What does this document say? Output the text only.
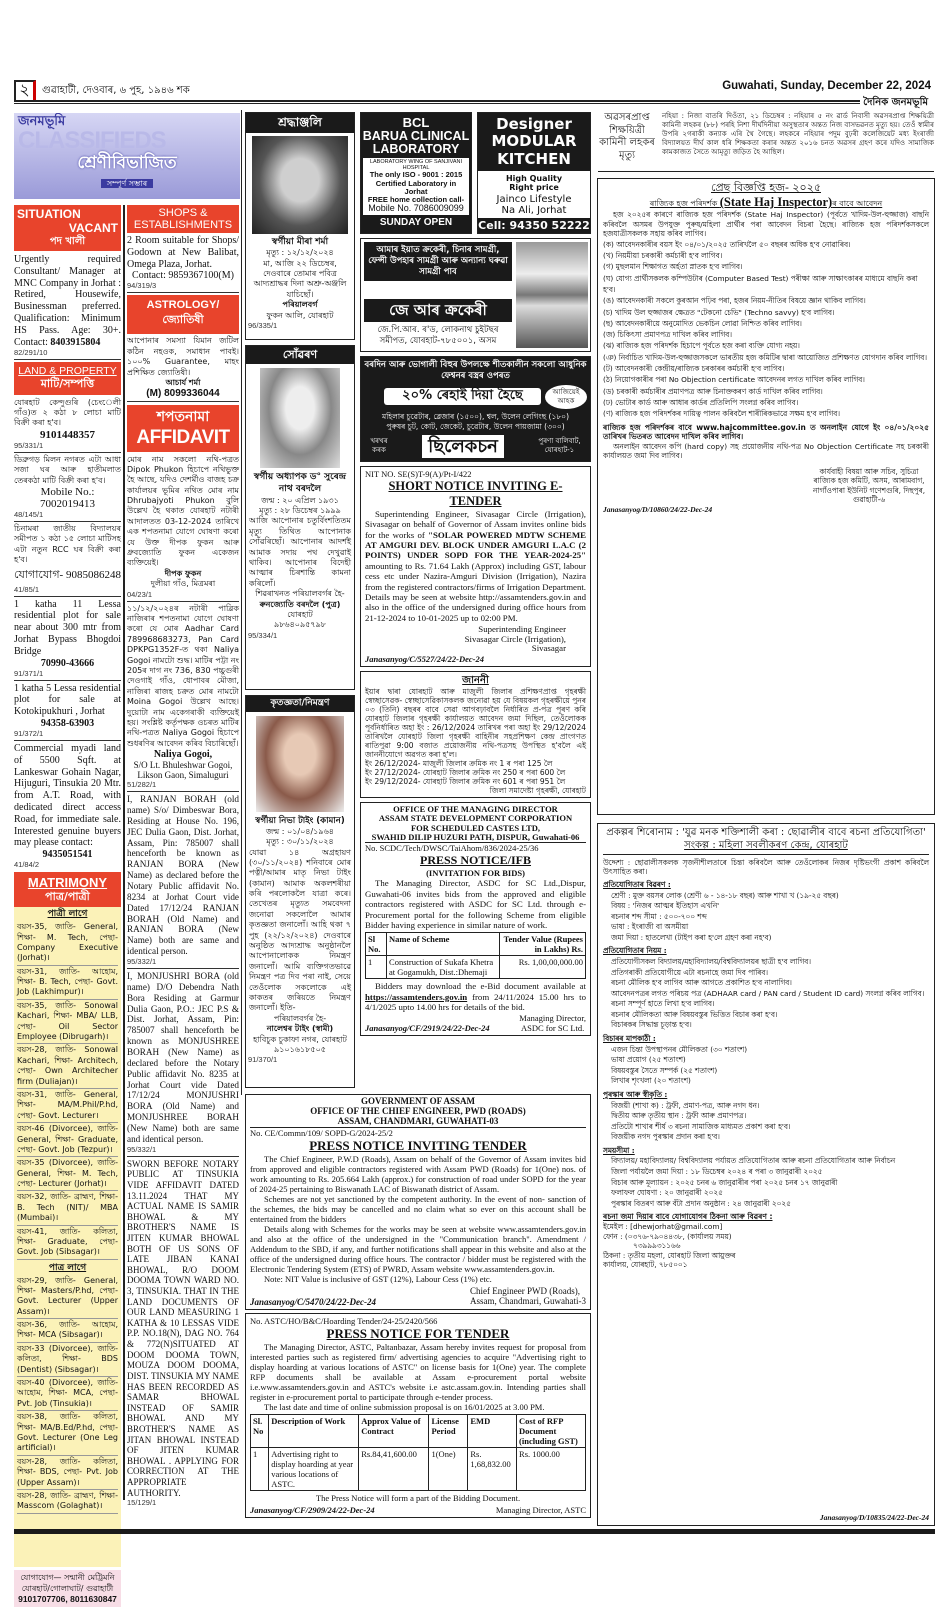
২	গুৱাহাটী, দেওবাৰ, ৬ পুহ, ১৯৪৬ শক	Guwahati, Sunday, December 22, 2024
দৈনিক জনমভূমি
জনমভূমি
CLASSIFIEDS
শ্ৰেণীবিভাজিত
সম্পূৰ্ণ সম্ভাৰ
SITUATION
VACANT
পদ খালী
Urgently required Consultant/ Manager at MNC Company in Jorhat : Retired, Housewife, Businessman preferred. Qualification: Minimum HS Pass. Age: 30+. Contact: 8403915804
82/291/10
LAND & PROPERTY
মাটি/সম্পত্তি
যোৰহাট কেন্দুগুৰি (চেংেলী গাঁও)ত ২ কঠা ৮ লোচা মাটি বিক্ৰী কৰা হ'ব।
9101448357
95/331/1
ডিব্ৰুগড় মিলন নগৰত এটা আধা সজা ঘৰ আৰু হাতীমলাত তেৰকঠা মাটি বিক্ৰী কৰা হ'ব।
Mobile No.: 7002019413
48/145/1
চিনামৰা জাতীয় বিদ্যালয়ৰ সমীপত ১ কঠা ১৫ লোচা মাটিসহ এটা নতুন RCC ঘৰ বিক্ৰী কৰা হ'ব।
যোগাযোগ- 9085086248
41/85/1
1 katha 11 Lessa residential plot for sale near about 300 mtr from Jorhat Bypass Bhogdoi Bridge
70990-43666
91/371/1
1 katha 5 Lessa residential plot for sale at Kotokipukhuri , Jorhat
94358-63903
91/372/1
Commercial myadi land of 5500 Sqft. at Lankeswar Gohain Nagar, Hijuguri, Tinsukia 20 Mtr. from A.T. Road, with dedicated direct access Road, for immediate sale. Interested genuine buyers may please contact:
9435051541
41/84/2
MATRIMONY
পাত্ৰ/পাত্ৰী
পাত্ৰী লাগে
বয়স-35, জাতি- General, শিক্ষা- M. Tech, পেছা- Company Executive (Jorhat)।
বয়স-31, জাতি- আহোম, শিক্ষা- B. Tech, পেছা- Govt. Job (Lakhimpur)।
বয়স-35, জাতি- Sonowal Kachari, শিক্ষা- MBA/ LLB, পেছা- Oil Sector Employee (Dibrugarh)।
বয়স-28, জাতি- Sonowal Kachari, শিক্ষা- Architech, পেছা- Own Architecher firm (Duliajan)।
বয়স-31, জাতি- General, শিক্ষা- MA/M.Phil/P.hd, পেছা- Govt. Lecturer।
বয়স-46 (Divorcee), জাতি- General, শিক্ষা- Graduate, পেছা- Govt. Job (Tezpur)।
বয়স-35 (Divorcee), জাতি- General, শিক্ষা- M. Tech, পেছা- Lecturer (Jorhat)।
বয়স-32, জাতি- ব্ৰাহ্মণ, শিক্ষা- B. Tech (NIT)/ MBA (Mumbai)।
বয়স-41, জাতি- কলিতা, শিক্ষা- Graduate, পেছা- Govt. Job (Sibsagar)।
পাত্ৰ লাগে
বয়স-29, জাতি- General, শিক্ষা- Masters/P.hd, পেছা- Govt. Lecturer (Upper Assam)।
বয়স-36, জাতি- আহোম, শিক্ষা- MCA (Sibsagar)।
বয়স-33 (Divorcee), জাতি- কলিতা, শিক্ষা- BDS (Dentist) (Sibsagar)।
বয়স-40 (Divorcee), জাতি- আহোম, শিক্ষা- MCA, পেছা- Pvt. Job (Tinsukia)।
বয়স-38, জাতি- কলিতা, শিক্ষা- MA/B.Ed/P.hd, পেছা- Govt. Lecturer (One Leg artificial)।
বয়স-28, জাতি- কলিতা, শিক্ষা- BDS, পেছা- Pvt. Job (Upper Assam)।
বয়স-28, জাতি- ব্ৰাহ্মণ, শিক্ষা- Masscom (Golaghat)।
যোগাযোগ— সন্মানী মেট্ৰিমনি
যোৰহাট/গোলাঘাট/ গুৱাহাটী
9101707706, 8011630847
SHOPS & ESTABLISHMENTS
2 Room suitable for Shops/ Godown at New Balibat, Omega Plaza, Jorhat.
Contact: 9859367100(M)
94/319/3
ASTROLOGY/ জ্যোতিষী
আপোনাৰ সমস্যা যিমান জটিল কঠিন নহওক, সমাধান পাবই। ১০০% Guarantee, মাহং প্ৰশিক্ষিত জ্যোতিষী।
আচাৰ্য শৰ্মা
(M) 8099336044
শপতনামা
AFFIDAVIT
মোৰ নাম সকলো নথি-পত্ৰত Dipok Phukon হিচাপে নথিভুক্ত হৈ আছে, যদিও দেশৰ্মীও বাজহ চক্ৰ কাৰ্যালয়ৰ ভূমিৰ নথিত মোৰ নাম Dhrubajyoti Phukon বুলি উল্লেখ হৈ থকাত যোৰহাট নটাৰী আদালতত 03-12-2024 তাৰিখে এক শপতনামা যোগে ঘোষণা কৰো যে উক্ত দীপক ফুকন আৰু ধ্ৰুবজ্যোতি ফুকন একেজন ব্যক্তিয়েই।
দীপক ফুকন
দুলীয়া গাঁও, মিত্ৰমৰা
04/23/1
১১/১২/২০২৪ৰ নটাৰী পাব্লিক নাজিৰাৰ শপতনামা যোগে ঘোষণা কৰো যে মোৰ Aadhar Card 789968683273, Pan Card DPKPG1352F-ত থকা Naliya Gogoi নামটো শুদ্ধ। মাটিৰ পট্টা নং 205ৰ দাগ নং 736, 830 পচ্চুগুৰী দেওগাই গাঁও, ধোপাবৰ মৌজা, নাজিৰা ৰাজহ চক্ৰত মোৰ নামটো Moina Gogoi উল্লেখ আছে। দুয়োটা নাম একেগৰাকী ব্যক্তিয়েই হয়। সংশ্লিষ্ট কৰ্তৃপক্ষক ওচৰত মাটিৰ নথি-পত্ৰত Naliya Gogoi হিচাপে শুধৰণিৰ আবেদন কৰিব বিচাৰিছোঁ।
Naliya Gogoi,
S/O Lt. Bhuleshwar Gogoi, Likson Gaon, Simaluguri
51/282/1
I, RANJAN BORAH (old name) S/o/ Dimbeswar Bora, Residing at House No. 196, JEC Dulia Gaon, Dist. Jorhat, Assam, Pin: 785007 shall henceforth be known as RANJAN BORA (New Name) as declared before the Notary Public affidavit No. 8234 at Jorhat Court vide Dated 17/12/24 RANJAN BORAH (Old Name) and RANJAN BORA (New Name) both are same and identical person.
95/332/1
I, MONJUSHRI BORA (old name) D/O Debendra Nath Bora Residing at Garmur Dulia Gaon, P.O.: JEC P.S & Dist. Jorhat, Assam, Pin: 785007 shall henceforth be known as MONJUSHREE BORAH (New Name) as declared before the Notary Public affidavit No. 8235 at Jorhat Court vide Dated 17/12/24 MONJUSHRI BORA (Old Name) and MONJUSHREE BORAH (New Name) both are same and identical person.
95/332/1
SWORN BEFORE NOTARY PUBLIC AT TINSUKIA VIDE AFFIDAVIT DATED 13.11.2024 THAT MY ACTUAL NAME IS SAMIR BHOWAL & MY BROTHER'S NAME IS JITEN KUMAR BHOWAL BOTH OF US SONS OF LATE JIBAN KANAI BHOWAL, R/O DOOM DOOMA TOWN WARD NO. 3, TINSUKIA. THAT IN THE LAND DOCUMENTS OF OUR LAND MEASURING 1 KATHA & 10 LESSAS VIDE P.P. NO.18(N), DAG NO. 764 & 772(N)SITUATED AT DOOM DOOMA TOWN, MOUZA DOOM DOOMA, DIST. TINSUKIA MY NAME HAS BEEN RECORDED AS SAMAR BHOWAL INSTEAD OF SAMIR BHOWAL AND MY BROTHER'S NAME AS JITAN BHOWAL INSTEAD OF JITEN KUMAR BHOWAL . APPLYING FOR CORRECTION AT THE APPROPRIATE AUTHORITY.
15/129/1
শ্ৰদ্ধাঞ্জলি
স্বৰ্গীয়া মীৰা শৰ্মা
মৃত্যু : ১২/১২/২০২৪
মা, আজি ২২ ডিচেম্বৰ, দেওবাৰে তোমাৰ পবিত্ৰ আদ্যশ্ৰাদ্ধৰ দিনা অশ্ৰু-অঞ্জলি যাচিছোঁ।
পৰিয়ালবৰ্গ
ফুকন আলি, যোৰহাট
96/335/1
সোঁৱৰণ
স্বৰ্গীয় অধ্যাপক ড° সুৰেন্দ্ৰ নাথ বৰদলৈ
জন্ম : ২০ এপ্ৰিল ১৯৩১
মৃত্যু : ২৮ ডিচেম্বৰ ১৯৯৯
আজি আপোনাৰ চতুৰ্বিংশতিতম মৃত্যু তিথিত আপোনাক সোঁৱৰিছোঁ। আপোনাৰ আদৰ্শই আমাক সদায় পথ দেখুৱাই থাকিব। আপোনাৰ বিদেহী আত্মাৰ চিৰশান্তি কামনা কৰিলোঁ।
শিৱৰাখনত পৰিয়ালবৰ্গৰ হৈ-
ৰুনজ্যোতি বৰদলৈ (পুত্ৰ)
যোৰহাট
৯৮৬৪০৯৫৭৯৮
95/334/1
কৃতজ্ঞতা/নিমন্ত্ৰণ
স্বৰ্গীয়া নিভা টাইং (কামান)
জন্ম : ০১/০৪/১৯৬৪
মৃত্যু : ৩০/১১/২০২৪
যোৱা ১৪ অগ্ৰহায়ণ (৩০/১১/২০২৪) শনিবাৰে মোৰ পত্নী/আমাৰ মাতৃ নিভা টাইং (কামান) আমাক অকলশৰীয়া কৰি পৰলোকলৈ যাত্ৰা কৰে। তেখেতৰ মৃত্যুত সমবেদনা জনোৱা সকলোলৈ আমাৰ কৃতজ্ঞতা জনালোঁ। আহি থকা ৭ পুহ (২২/১২/২০২৪) দেওবাৰে অনুষ্ঠিত আদ্যশ্ৰাদ্ধ অনুষ্ঠানলৈ আপোনালোকক নিমন্ত্ৰণ জনালোঁ। আমি ব্যক্তিগতভাৱে নিমন্ত্ৰণ পত্ৰ দিব পৰা নাই, সেয়ে তেওঁলোক সকলোকে এই কাকতৰ জৰিয়তে নিমন্ত্ৰণ জনালোঁ। ইতি-
পৰিয়ালবৰ্গৰ হৈ-
নালেশ্বৰ টাইং (স্বামী)
হাবিচুক চুকাফা নগৰ, যোৰহাট
৯১০১৬১৮৫০৫
91/370/1
BCL
BARUA CLINICAL LABORATORY
LABORATORY WING OF SANJIVANI HOSPITAL
The only ISO - 9001 : 2015 Certified Laboratory in Jorhat
FREE home collection call-
Mobile No. 7086009099
SUNDAY OPEN
Designer
MODULAR
KITCHEN
High Quality
Right price
Jainco Lifestyle
Na Ali, Jorhat
Cell: 94350 52222
আমাৰ ইয়াত ক্ৰকেৰী, চিনাৰ সামগ্ৰী, ফেন্সী উপহাৰ সামগ্ৰী আৰু অন্যান্য ঘৰুৱা সামগ্ৰী পাব
জে আৰ ক্ৰকেৰী
জে.পি.আৰ. ৰ'ড, লোকনাথ চুইটছৰ সমীপত, যোৰহাট-৭৮৫০০১, অসম
বৰদিন আৰু ভোগালী বিহুৰ উপলক্ষে শীতকালীন সকলো আধুনিক ফেশ্বনৰ বস্ত্ৰৰ ওপৰত
২০% ৰেহাই দিয়া হৈছে	আজিয়েই আহক
মহিলাৰ চুৱেটাৰ, ব্লেজাৰ (১৫০০), শ্বল, উলেন লেগিংছ (১৮০)
পুৰুষৰ চুট, কোট, জেকেট, চুৱেটাৰ, উলেন পায়জামা (৩০০)
খৰখৰ কৰক	ছিলেকচন	পুৰণা বালিবাট, যোৰহাট-১
NIT NO. SE(S)T-9(A)/Pt-I/422
SHORT NOTICE INVITING E-TENDER
Superintending Engineer, Sivasagar Circle (Irrigation), Sivasagar on behalf of Governor of Assam invites online bids for the works of "SOLAR POWERED MDTW SCHEME AT AMGURI DEV. BLOCK UNDER AMGURI L.A.C (2 POINTS) UNDER SOPD FOR THE YEAR-2024-25" amounting to Rs. 71.64 Lakh (Approx) including GST, labour cess etc under Nazira-Amguri Division (Irrigation), Nazira from the registered contractors/firms of Irrigation Department. Details may be seen at website http://assamtenders.gov.in and also in the office of the undersigned during office hours from 21-12-2024 to 10-01-2025 up to 02:00 PM.
Superintending Engineer
Sivasagar Circle (Irrigation),
Sivasagar
Janasanyog/C/5527/24/22-Dec-24
জাননী
ইয়াৰ দ্বাৰা যোৰহাট আৰু মাজুলী জিলাৰ প্ৰশিক্ষণপ্ৰাপ্ত গৃহৰক্ষী স্বেচ্ছাসেৱক- স্বেচ্ছাসেৱিকাসকলক জনোৱা হয় যে বিষয়কল গৃহৰক্ষীয়ে পুনৰ ০৩ (তিনি) বছৰৰ বাবে সেৱা আগবঢ়াবলৈ নিৰ্ধাৰিত প্ৰ-পত্ৰ পূৰণ কৰি যোৰহাট জিলাৰ গৃহৰক্ষী কাৰ্যালয়ত আবেদন জমা দিছিল, তেওঁলোকক পূৰ্বনিৰ্ধাৰিত অহা ইং : 26/12/2024 তাৰিখৰ পৰা অহা ইং 29/12/2024 তাৰিখলৈ যোৰহাট জিলা গৃহৰক্ষী বাহিনীৰ সহপ্ৰশিক্ষণ কেন্দ্ৰ প্ৰাংগণত ৰাতিপুৱা 9:00 বজাত প্ৰয়োজনীয় নথি-পত্ৰসহ উপস্থিত হ'বলৈ এই জাননীযোগে অৱগত কৰা হ'ল।
ইং 26/12/2024- মাজুলী জিলাৰ ক্ৰমিক নং 1 ৰ পৰা 125 লৈ
ইং 27/12/2024- যোৰহাট জিলাৰ ক্ৰমিক নং 250 ৰ পৰা 600 লৈ
ইং 29/12/2024- যোৰহাট জিলাৰ ক্ৰমিক নং 601 ৰ পৰা 951 লৈ
জিলা সমাদেষ্টা গৃহৰক্ষী, যোৰহাট
OFFICE OF THE MANAGING DIRECTOR
ASSAM STATE DEVELOPMENT CORPORATION
FOR SCHEDULED CASTES LTD,
SWAHID DILIP HUZURI PATH, DISPUR, Guwahati-06
No. SCDC/Tech/DWSC/TaiAhom/836/2024-25/36
PRESS NOTICE/IFB
(INVITATION FOR BIDS)
The Managing Director, ASDC for SC Ltd.,Dispur, Guwahati-06 invites bids from the approved and eligible contractors registered with ASDC for SC Ltd. through e-Procurement portal for the following Scheme from eligible Bidder having experience in similar nature of work.
Sl No.	Name of Scheme	Tender Value (Rupees in Lakhs) Rs.
1	Construction of Sukafa Khetra at Gogamukh, Dist.:Dhemaji	Rs. 1,00,00,000.00
Bidders may download the e-Bid document available at https://assamtenders.gov.in from 24/11/2024 15.00 hrs to 4/1/2025 upto 14.00 hrs for details of the bid.
Janasanyog/CF/2919/24/22-Dec-24
Managing Director,
ASDC for SC Ltd.
GOVERNMENT OF ASSAM
OFFICE OF THE CHIEF ENGINEER, PWD (ROADS)
ASSAM, CHANDMARI, GUWAHATI-03
No. CE/Commn/109/ SOPD-G/2024-25/2
PRESS NOTICE INVITING TENDER
The Chief Engineer, P.W.D (Roads), Assam on behalf of the Governor of Assam invites bid from approved and eligible contractors registered with Assam PWD (Roads) for 1(One) nos. of work amounting to Rs. 205.664 Lakh (approx.) for construction of road under SOPD for the year of 2024-25 pertaining to Biswanath LAC of Biswanath district of Assam.
Schemes are not yet sanctioned by the competent authority. In the event of non- sanction of the schemes, the bids may be cancelled and no claim what so ever on this account shall be entertained from the bidders
Details along with Schemes for the works may be seen at website www.assamtenders.gov.in and also at the office of the undersigned in the "Communication branch". Amendment / Addendum to the SBD, if any, and further notifications shall appear in this website and also at the office of the undersigned during office hours. The contractor / bidder must be registered with the Electronic Tendering System (ETS) of PWRD, Assam website www.assamtenders.gov.in.
Note: NIT Value is inclusive of GST (12%), Labour Cess (1%) etc.
Janasanyog/C/5470/24/22-Dec-24
Chief Engineer PWD (Roads),
Assam, Chandmari, Guwahati-3
No. ASTC/HO/B&C/Hoarding Tender/24-25/2420/566
PRESS NOTICE FOR TENDER
The Managing Director, ASTC, Paltanbazar, Assam hereby invites request for proposal from interested parties such as registered firm/ advertising agencies to acquire "Advertising right to display hoarding at various locations of ASTC" on license basis for 1(One) year. The complete RFP documents shall be available at Assam e-procurement portal website i.e.www.assamtenders.gov.in and ASTC's website i.e astc.assam.gov.in. Intending parties shall register in e-procurement portal to participate through e-tender process.
The last date and time of online submission proposal is on 16/01/2025 at 3.00 PM.
Sl. No	Description of Work	Approx Value of Contract	License Period	EMD	Cost of RFP Document (including GST)
1	Advertising right to display hoarding at year various locations of ASTC.	Rs.84,41,600.00	1(One)	Rs. 1,68,832.00	Rs. 1000.00
The Press Notice will form a part of the Bidding Document.
Janasanyog/CF/2909/24/22-Dec-24	Managing Director, ASTC
অৱসৰপ্ৰাপ্ত শিক্ষয়িত্ৰী কামিনী লহকৰ মৃত্যু
নহিয়া : নিজা বাতৰি দিওঁতা, ২১ ডিচেম্বৰ : নহিয়াৰ ৫ নং ৱাৰ্ড নিবাসী অৱসৰপ্ৰাপ্ত শিক্ষয়িত্ৰী কামিনী লহকৰ (৮৮) পৰহি নিশা দীৰ্ঘদিনীয়া অসুস্থতাৰ অন্তত নিজ বাসভৱনত মৃত্যু হয়। তেওঁ স্বামীৰ উপৰি ২গৰাকী কন্যাক এৰি থৈ গৈছে। লহকৰে নহিয়াৰ পদুম বুঢ়ৰী কলেজিয়েট মধ্য ইংৰাজী বিদ্যালয়ত দীৰ্ঘ কাল ধৰি শিক্ষকতা কৰাৰ অন্তত ২০১৬ চনত অৱসৰ গ্ৰহণ কৰে যদিও সামাজিক কামকাজত সৈতে আমৃত্যু জড়িত হৈ আছিল।
প্ৰেছ বিজ্ঞপ্তি হজ- ২০২৫
ৰাজ্যিক হজ পৰিদৰ্শক (State Haj Inspector)ৰ বাবে আবেদন
হজ ২০২৫ৰ কাৰণে ৰাজ্যিক হজ পৰিদৰ্শক (State Haj Inspector) (পূৰ্বতে খাদিম-উল-হুজ্জাজ) বাছনি কৰিবলৈ অসমৰ উপযুক্ত পুৰুষ/মহিলা প্ৰাৰ্থীৰ পৰা আবেদন বিচৰা হৈছে। ৰাজ্যিক হজ পৰিদৰ্শকসকলে হজযাত্ৰীসকলক সহায় কৰিব লাগিব।
(ক) আবেদনকাৰীৰ বয়স ইং ০৪/০১/২০২৫ তাৰিখলৈ ৫০ বছৰৰ অধিক হ'ব নোৱাৰিব।
(খ) নিয়মীয়া চৰকাৰী কৰ্মচাৰী হ'ব লাগিব।
(গ) মুছলমান শিক্ষাগত অৰ্হতা স্নাতক হ'ব লাগিব।
(ঘ) যোগ্য প্ৰাৰ্থীসকলক কম্পিউটাৰ (Computer Based Test) পৰীক্ষা আৰু সাক্ষাৎকাৰৰ মাধ্যমে বাছনি কৰা হ'ব।
(ঙ) আবেদনকাৰী সকলে কুৰআন পঢ়িব পৰা, হজৰ নিয়ম-নীতিৰ বিষয়ে জ্ঞান থাকিব লাগিব।
(চ) খাদিম উল হুজ্জাজৰ ক্ষেত্ৰত "টেকনো চেভি" (Techno savvy) হ'ব লাগিব।
(ছ) আবেদনকাৰীয়ে অনুমোদিত ভেকচিন লোৱা নিশ্চিত কৰিব লাগিব।
(জ) চিকিৎসা প্ৰমাণপত্ৰ দাখিল কৰিব লাগিব।
(ঝ) ৰাজ্যিক হজ পৰিদৰ্শক হিচাপে পূৰ্বতে হজ কৰা ব্যক্তি যোগ্য নহয়।
(ঞ) নিৰ্বাচিত খাদিম-উল-হুজ্জাজসকলে ভাৰতীয় হজ কমিটিৰ দ্বাৰা আয়োজিত প্ৰশিক্ষণত যোগদান কৰিব লাগিব।
(ট) আবেদনকাৰী কেন্দ্ৰীয়/ৰাজ্যিক চৰকাৰৰ কৰ্মচাৰী হ'ব লাগিব।
(ঠ) নিয়োগকাৰীৰ পৰা No Objection certificate আবেদনৰ লগত দাখিল কৰিব লাগিব।
(ড) চৰকাৰী কৰ্মচাৰীৰ প্ৰমাণপত্ৰ আৰু চিনাক্তকৰণ কাৰ্ড দাখিল কৰিব লাগিব।
(ঢ) ভোটাৰ কাৰ্ড আৰু আধাৰ কাৰ্ডৰ প্ৰতিলিপি সংলগ্ন কৰিব লাগিব।
(ণ) ৰাজ্যিক হজ পৰিদৰ্শকৰ দায়িত্ব পালন কৰিবলৈ শাৰীৰিকভাৱে সক্ষম হ'ব লাগিব।
ৰাজ্যিক হজ পৰিদৰ্শকৰ বাবে www.hajcommittee.gov.in ত অনলাইন যোগে ইং ০৪/০১/২০২৫ তাৰিখৰ ভিতৰত আবেদন দাখিল কৰিব লাগিব।
অনলাইন আবেদন কপি (hard copy) সহ প্ৰয়োজনীয় নথি-পত্ৰ No Objection Certificate সহ চৰকাৰী কাৰ্যালয়ত জমা দিব লাগিব।
কাৰ্যবাহী বিষয়া আৰু সচিব, সুচিত্ৰা ৰাজ্যিক হজ কমিটি, অসম, আৰামবাগ, নাগাঁওপাৰা ইউনিট গণেশগুৰি, দিছপুৰ, গুৱাহাটী-৬
Janasanyog/D/10860/24/22-Dec-24
প্ৰকল্পৰ শিৰোনাম : 'যুৱ মনক শক্তিশালী কৰা : ছোৱালীৰ বাবে ৰচনা প্ৰতিযোগিতা'
সংকল্প : মহিলা সবলীকৰণ কেন্দ্ৰ, যোৰহাট
উদ্দেশ্য : ছোৱালীসকলক সৃজনীশীলতাৰে চিন্তা কৰিবলৈ আৰু তেওঁলোকৰ নিজৰ দৃষ্টিভংগী প্ৰকাশ কৰিবলৈ উৎসাহিত কৰা।
প্ৰতিযোগিতাৰ বিৱৰণ :
শ্ৰেণী : মুক্ত বয়সৰ লোক (শ্ৰেণী ৬ - ১৪-১৮ বছৰ) আৰু শাখা খ (১৯-২৫ বছৰ)
বিষয় : 'নিজৰ আত্মৰ ইতিহাস এখনি'
ৰচনাৰ শব্দ সীমা : ৫০০-৭০০ শব্দ
ভাষা : ইংৰাজী বা অসমীয়া
জমা দিয়া : হাতলেখা (টাইপ কৰা হ'লে গ্ৰহণ কৰা নহ'ব)
প্ৰতিযোগিতাৰ নিয়ম :
প্ৰতিযোগীসকল বিদ্যালয়/মহাবিদ্যালয়/বিশ্ববিদ্যালয়ৰ ছাত্ৰী হ'ব লাগিব।
প্ৰতিগৰাকী প্ৰতিযোগীয়ে এটা ৰচনাহে জমা দিব পাৰিব।
ৰচনা মৌলিক হ'ব লাগিব আৰু আগতে প্ৰকাশিত হ'ব নালাগিব।
আবেদনপত্ৰৰ লগত পৰিচয় পত্ৰ (ADHAAR card / PAN card / Student ID card) সংলগ্ন কৰিব লাগিব।
ৰচনা সম্পূৰ্ণ হাতে লিখা হ'ব লাগিব।
ৰচনাৰ মৌলিকতা আৰু বিষয়বস্তুৰ ভিত্তিত বিচাৰ কৰা হ'ব।
বিচাৰকৰ সিদ্ধান্ত চূড়ান্ত হ'ব।
বিচাৰৰ মাপকাঠী :
এজন চিন্তা উপস্থাপনৰ মৌলিকতা (৩০ শতাংশ)
ভাষা প্ৰয়োগ (২৫ শতাংশ)
বিষয়বস্তুৰ সৈতে সম্পৰ্ক (২৫ শতাংশ)
লিখাৰ শৃংখলা (২০ শতাংশ)
পুৰস্কাৰ আৰু স্বীকৃতি :
বিজয়ী (শাখা ক) : ট্ৰফী, প্ৰমাণ-পত্ৰ, আৰু নগদ ধন।
দ্বিতীয় আৰু তৃতীয় স্থান : ট্ৰফী আৰু প্ৰমাণপত্ৰ।
প্ৰতিটো শাখাৰ শীৰ্ষ ৩ ৰচনা সামাজিক মাধ্যমত প্ৰকাশ কৰা হ'ব।
বিজয়ীক নগদ পুৰস্কাৰ প্ৰদান কৰা হ'ব।
সময়সীমা :
বিদ্যালয়/ মহাবিদ্যালয়/ বিশ্ববিদ্যালয় পৰ্যায়ত প্ৰতিযোগিতাৰ আৰু ৰচনা প্ৰতিযোগিতাৰ আৰু নিৰ্বাচন
জিলা পৰ্যায়লৈ জমা দিয়া : ১৮ ডিচেম্বৰ ২০২৪ ৰ পৰা ৩ জানুৱাৰী ২০২৫
বিচাৰ আৰু মূল্যায়ন : ২০২৫ চনৰ ৬ জানুৱাৰীৰ পৰা ২০২৫ চনৰ ১৭ জানুৱাৰী
ফলাফল ঘোষণা : ২০ জানুৱাৰী ২০২৫
পুৰস্কাৰ বিতৰণ আৰু বঁটা প্ৰদান অনুষ্ঠান : ২৪ জানুৱাৰী ২০২৫
ৰচনা জমা দিয়াৰ বাবে যোগাযোগৰ ঠিকনা আৰু বিৱৰণ :
ইমেইল : [dhewjorhat@gmail.com]
ফোন : (০৩৭৬-৭৯০৪৪৩৮, (কাৰ্যালয় সময়)
৭৩৯৯৯৩১১৬৬
ঠিকনা : তৃতীয় মহলা, যোৰহাট জিলা আয়ুক্তৰ কাৰ্যালয়, যোৰহাট, ৭৮৫০০১
Janasanyog/D/10835/24/22-Dec-24
